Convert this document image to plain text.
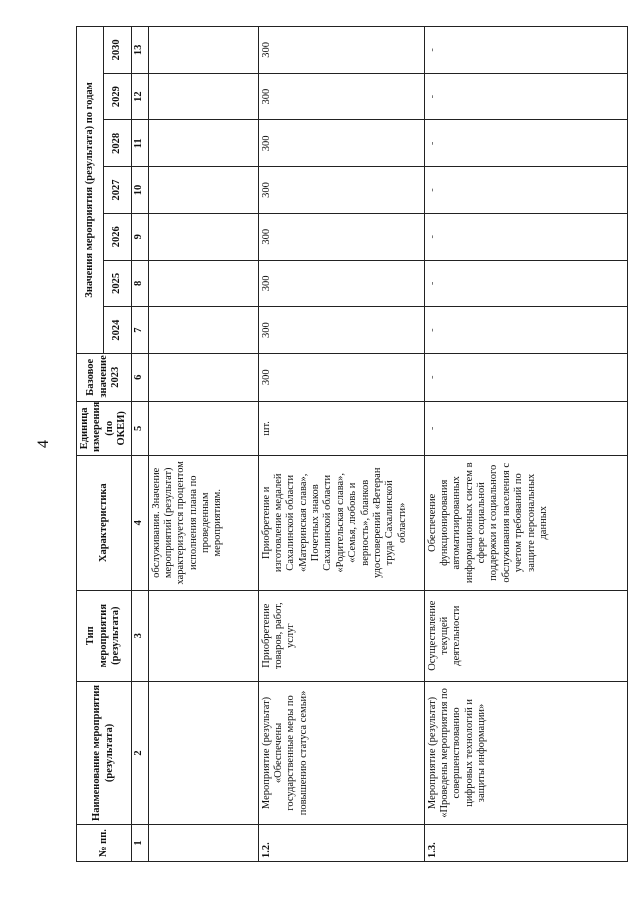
4
№ пп.	Наименование мероприятия (результата)	Тип мероприятия (результата)	Характеристика	Единица измерения (по ОКЕИ)	Базовое значение 2023	Значения мероприятия (результата) по годам						
						2024	2025	2026	2027	2028	2029	2030
1	2	3	4	5	6	7	8	9	10	11	12	13
			обслуживания. Значение мероприятий (результат) характеризуется процентом исполнения плана по проведенным мероприятиям.									
1.2.	Мероприятие (результат) «Обеспечены государственные меры по повышению статуса семьи»	Приобретение товаров, работ, услуг	Приобретение и изготовление медалей Сахалинской области «Материнская слава», Почетных знаков Сахалинской области «Родительская слава», «Семья, любовь и верность», бланков удостоверений «Ветеран труда Сахалинской области»	шт.	300	300	300	300	300	300	300	300
1.3.	Мероприятие (результат) «Проведены мероприятия по совершенствованию цифровых технологий и защиты информации»	Осуществление текущей деятельности	Обеспечение функционирования автоматизированных информационных систем в сфере социальной поддержки и социального обслуживания населения с учетом требований по защите персональных данных	-	-	-	-	-	-	-	-	-
